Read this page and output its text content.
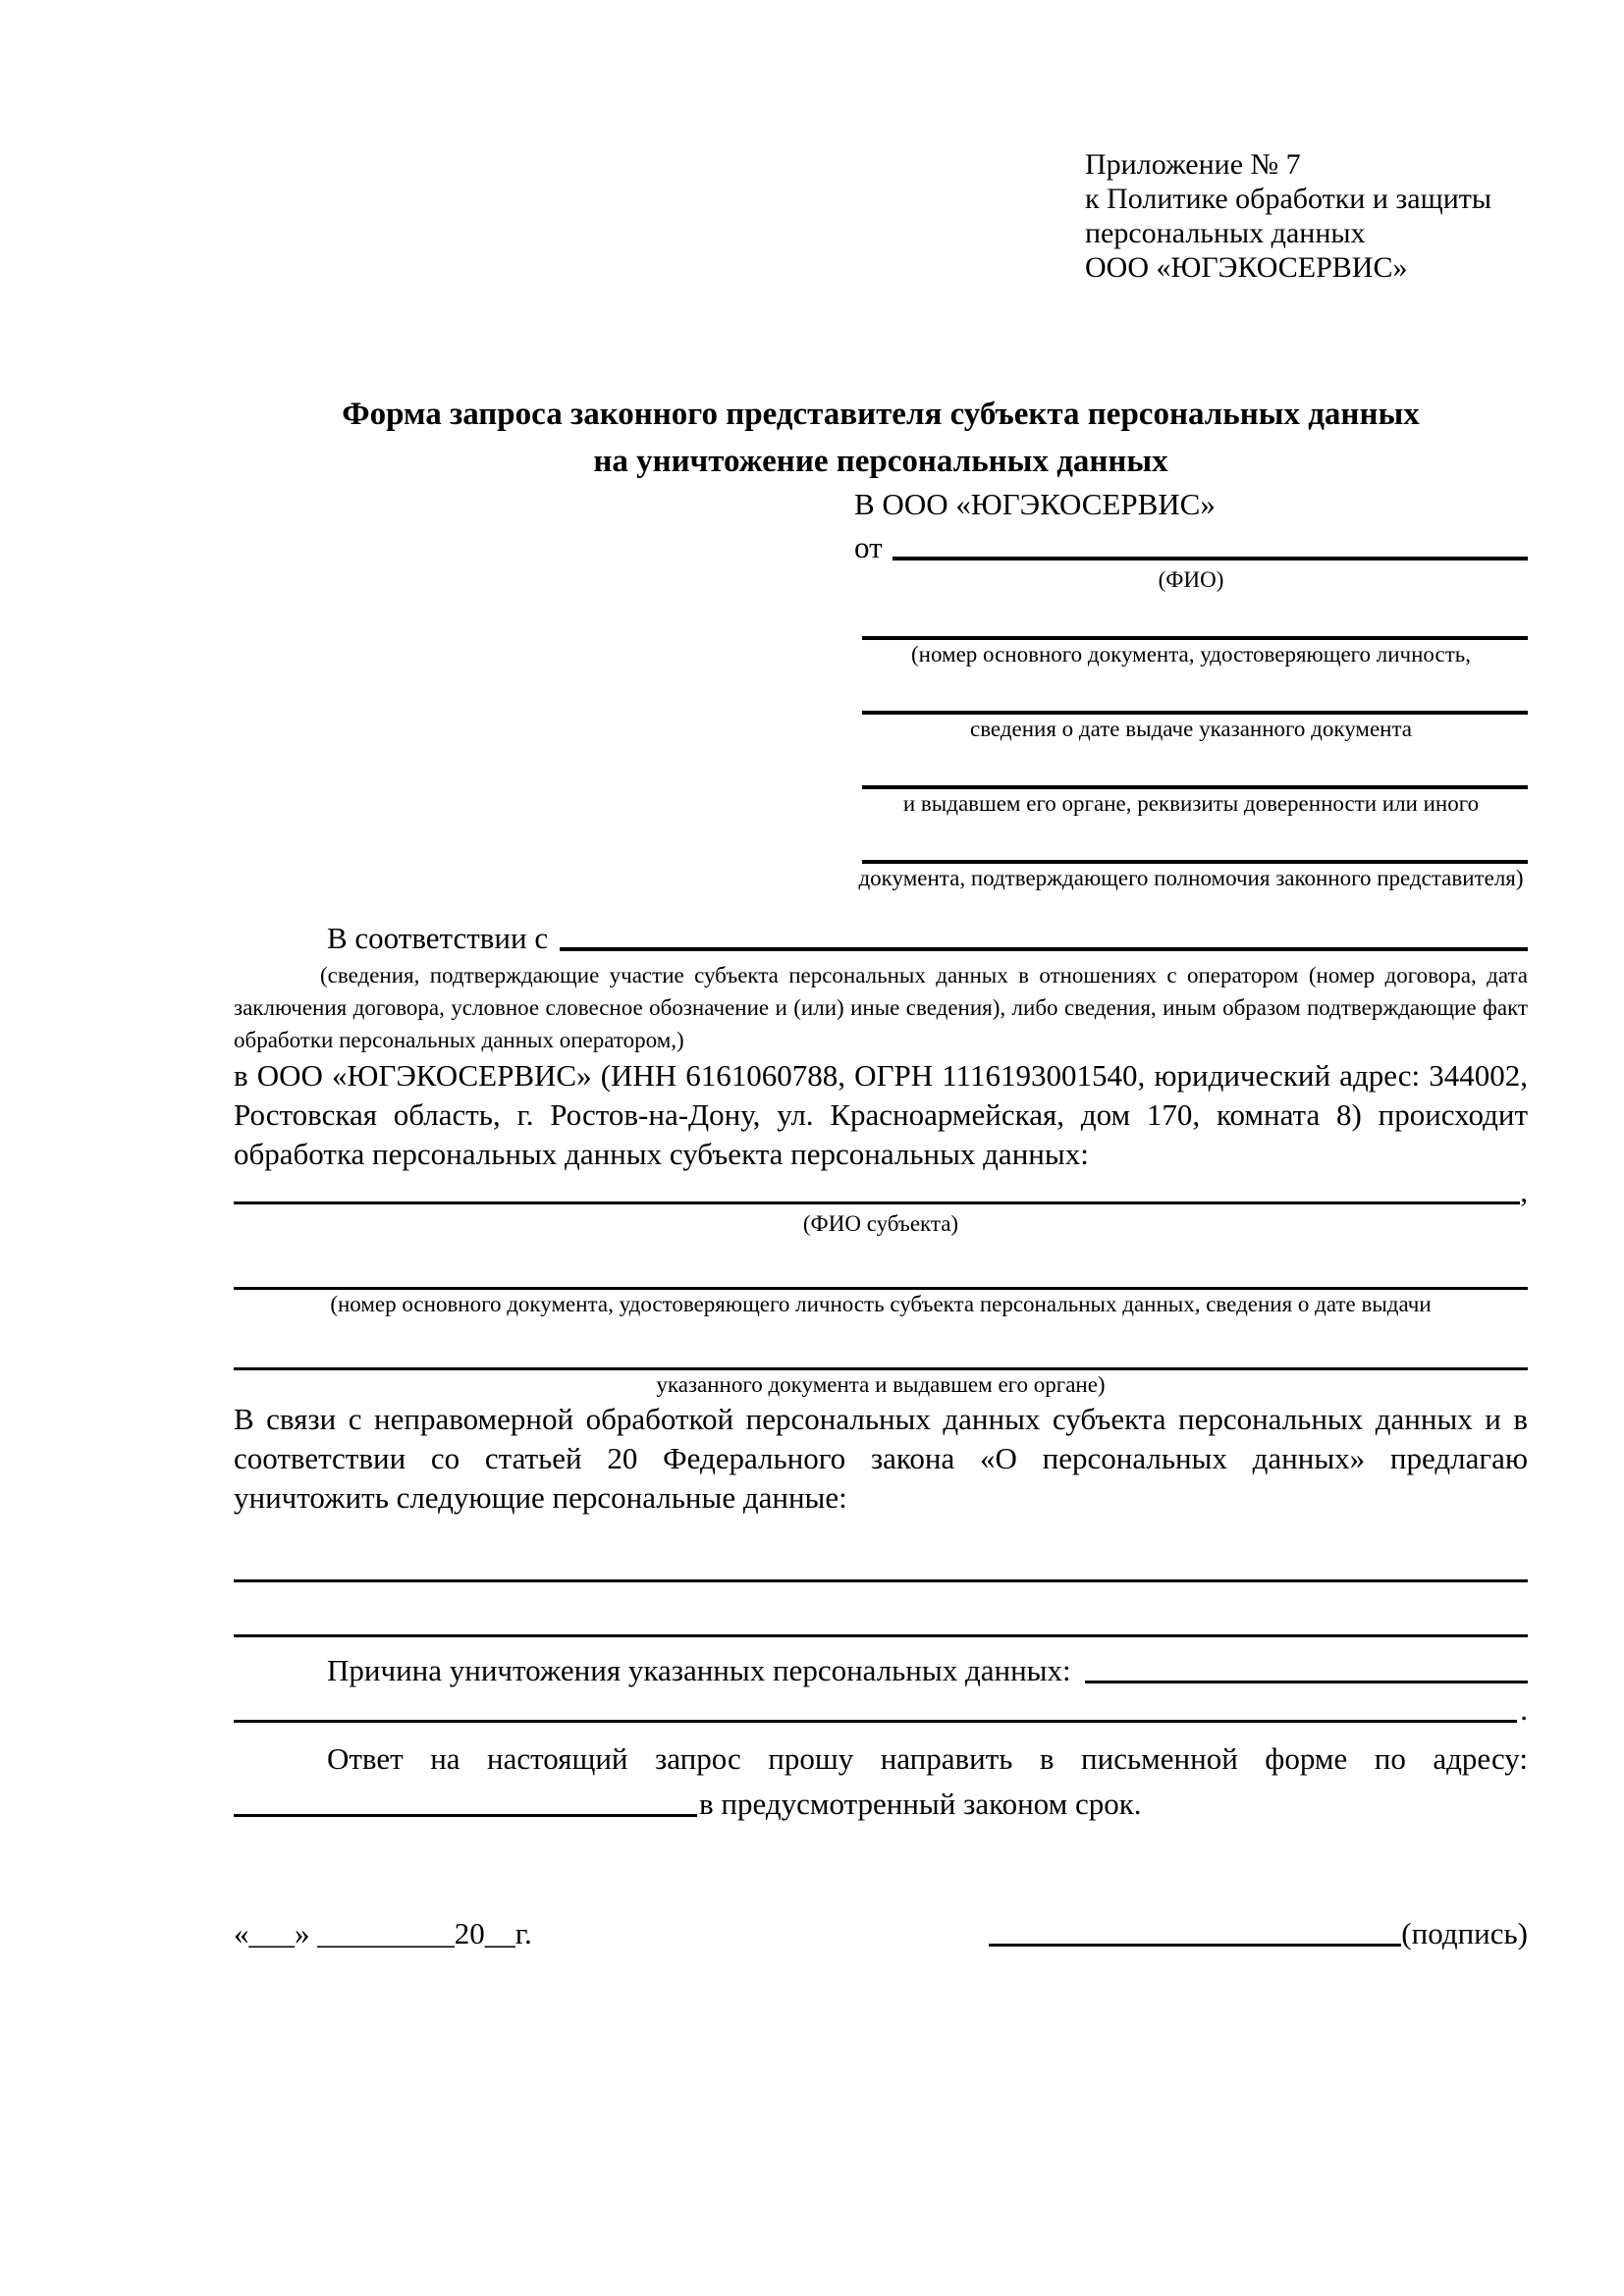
Приложение № 7
к Политике обработки и защиты
персональных данных
ООО «ЮГЭКОСЕРВИС»
Форма запроса законного представителя субъекта персональных данных
на уничтожение персональных данных
В ООО «ЮГЭКОСЕРВИС»
от
(ФИО)
(номер основного документа, удостоверяющего личность,
сведения о дате выдаче указанного документа
и выдавшем его органе, реквизиты доверенности или иного
документа, подтверждающего полномочия законного представителя)
В соответствии с
(сведения, подтверждающие участие субъекта персональных данных в отношениях с оператором (номер договора, дата заключения договора, условное словесное обозначение и (или) иные сведения), либо сведения, иным образом подтверждающие факт обработки персональных данных оператором,)

в ООО «ЮГЭКОСЕРВИС» (ИНН 6161060788, ОГРН 1116193001540, юридический адрес: 344002, Ростовская область, г. Ростов-на-Дону, ул. Красноармейская, дом 170, комната 8) происходит обработка персональных данных субъекта персональных данных:

,
(ФИО субъекта)
(номер основного документа, удостоверяющего личность субъекта персональных данных, сведения о дате выдачи
указанного документа и выдавшем его органе)

В связи с неправомерной обработкой персональных данных субъекта персональных данных и в соответствии со статьей 20 Федерального закона «О персональных данных» предлагаю уничтожить следующие персональные данные:

Причина уничтожения указанных персональных данных:
.

Ответ на настоящий запрос прошу направить в письменной форме по адресу:

в предусмотренный законом срок.
«___» _________20__г.	(подпись)
